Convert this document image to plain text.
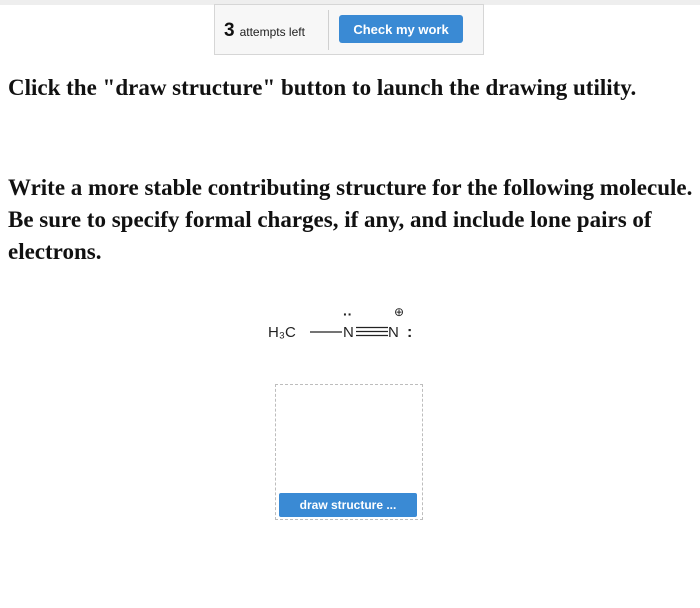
3 attempts left	Check my work

Click the "draw structure" button to launch the drawing utility.

Write a more stable contributing structure for the following molecule. Be sure to specify formal charges, if any, and include lone pairs of electrons.

H₃C
··
N N
⊕
:
draw structure ...
